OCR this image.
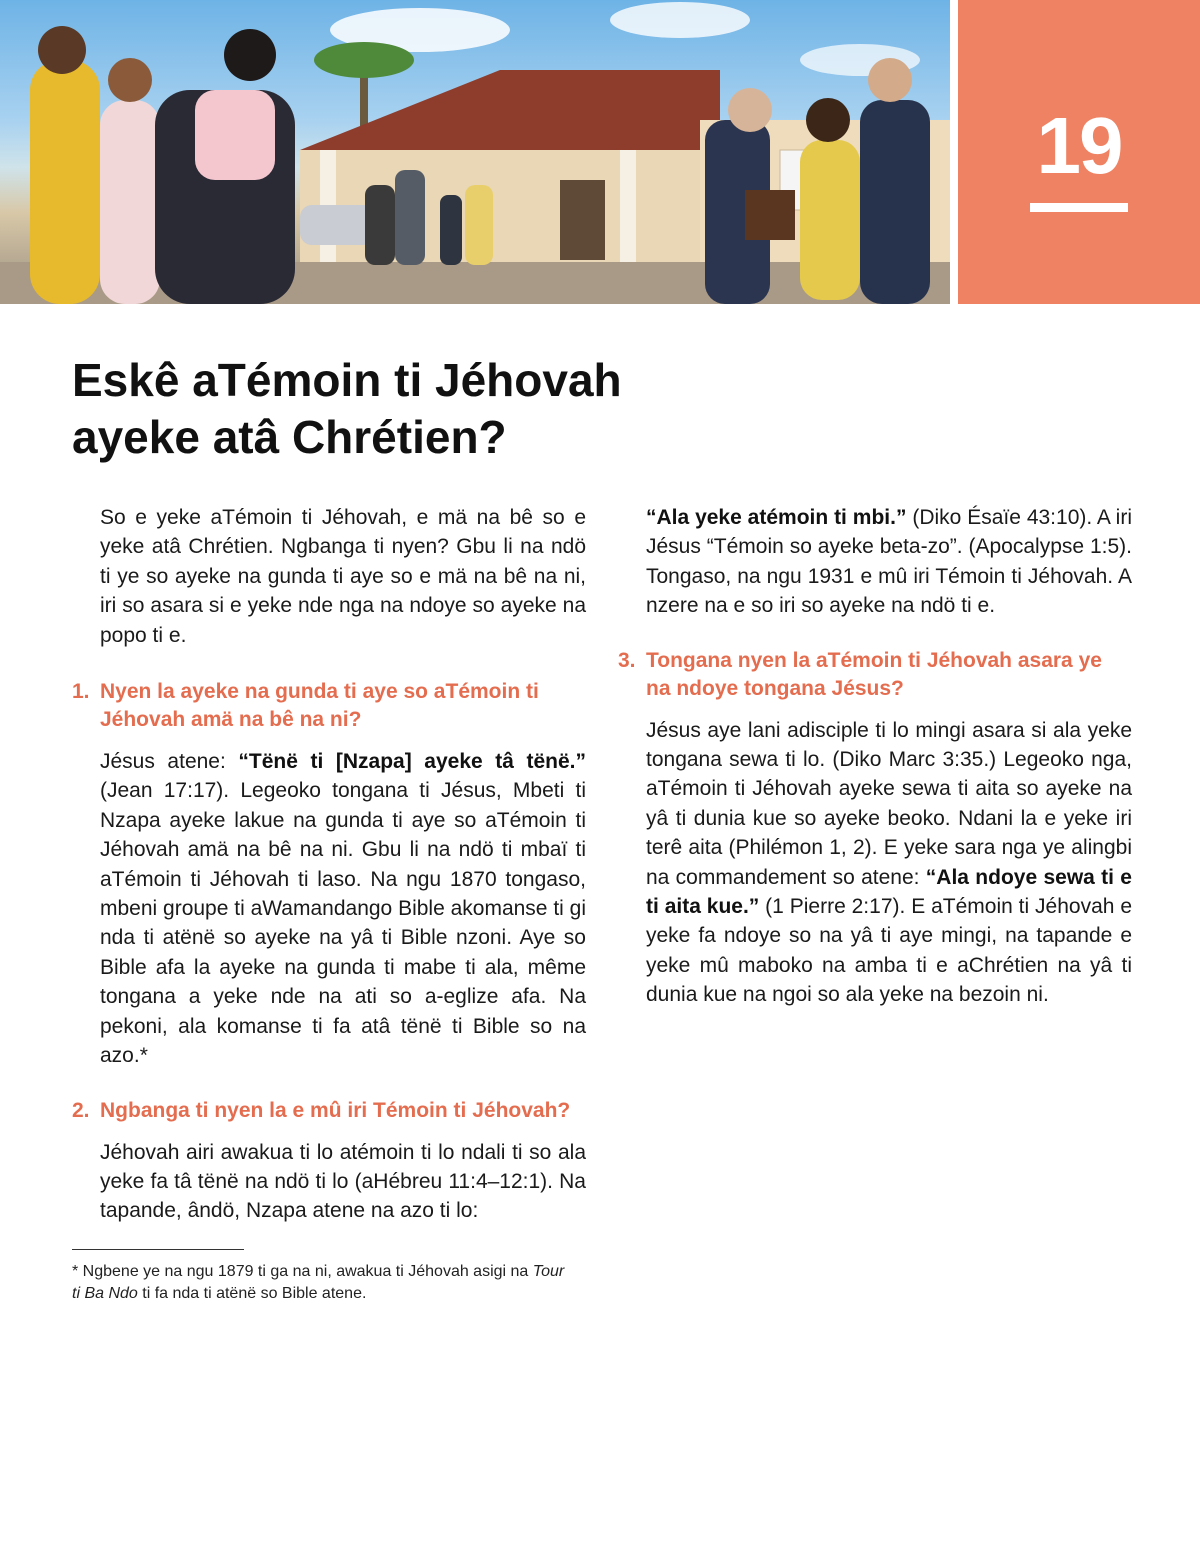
19
Eskê aTémoin ti Jéhovah
ayeke atâ Chrétien?

So e yeke aTémoin ti Jéhovah, e mä na bê so e yeke atâ Chrétien. Ngbanga ti nyen? Gbu li na ndö ti ye so ayeke na gunda ti aye so e mä na bê na ni, iri so asara si e yeke nde nga na ndoye so ayeke na popo ti e.

1. Nyen la ayeke na gunda ti aye so aTémoin ti Jéhovah amä na bê na ni?

Jésus atene: “Tënë ti [Nzapa] ayeke tâ tënë.” (Jean 17:17). Legeoko tongana ti Jésus, Mbeti ti Nzapa ayeke lakue na gunda ti aye so aTémoin ti Jéhovah amä na bê na ni. Gbu li na ndö ti mbaï ti aTémoin ti Jéhovah ti laso. Na ngu 1870 tongaso, mbeni groupe ti aWamandango Bible akomanse ti gi nda ti atënë so ayeke na yâ ti Bible nzoni. Aye so Bible afa la ayeke na gunda ti mabe ti ala, même tongana a yeke nde na ati so a-eglize afa. Na pekoni, ala komanse ti fa atâ tënë ti Bible so na azo.*

2. Ngbanga ti nyen la e mû iri Témoin ti Jéhovah?

Jéhovah airi awakua ti lo atémoin ti lo ndali ti so ala yeke fa tâ tënë na ndö ti lo (aHébreu 11:4–12:1). Na tapande, ândö, Nzapa atene na azo ti lo:

“Ala yeke atémoin ti mbi.” (Diko Ésaïe 43:10). A iri Jésus “Témoin so ayeke beta-zo”. (Apocalypse 1:5). Tongaso, na ngu 1931 e mû iri Témoin ti Jéhovah. A nzere na e so iri so ayeke na ndö ti e.

3. Tongana nyen la aTémoin ti Jéhovah asara ye na ndoye tongana Jésus?

Jésus aye lani adisciple ti lo mingi asara si ala yeke tongana sewa ti lo. (Diko Marc 3:35.) Legeoko nga, aTémoin ti Jéhovah ayeke sewa ti aita so ayeke na yâ ti dunia kue so ayeke beoko. Ndani la e yeke iri terê aita (Philémon 1, 2). E yeke sara nga ye alingbi na commandement so atene: “Ala ndoye sewa ti e ti aita kue.” (1 Pierre 2:17). E aTémoin ti Jéhovah e yeke fa ndoye so na yâ ti aye mingi, na tapande e yeke mû maboko na amba ti e aChrétien na yâ ti dunia kue na ngoi so ala yeke na bezoin ni.

* Ngbene ye na ngu 1879 ti ga na ni, awakua ti Jéhovah asigi na Tour ti Ba Ndo ti fa nda ti atënë so Bible atene.
